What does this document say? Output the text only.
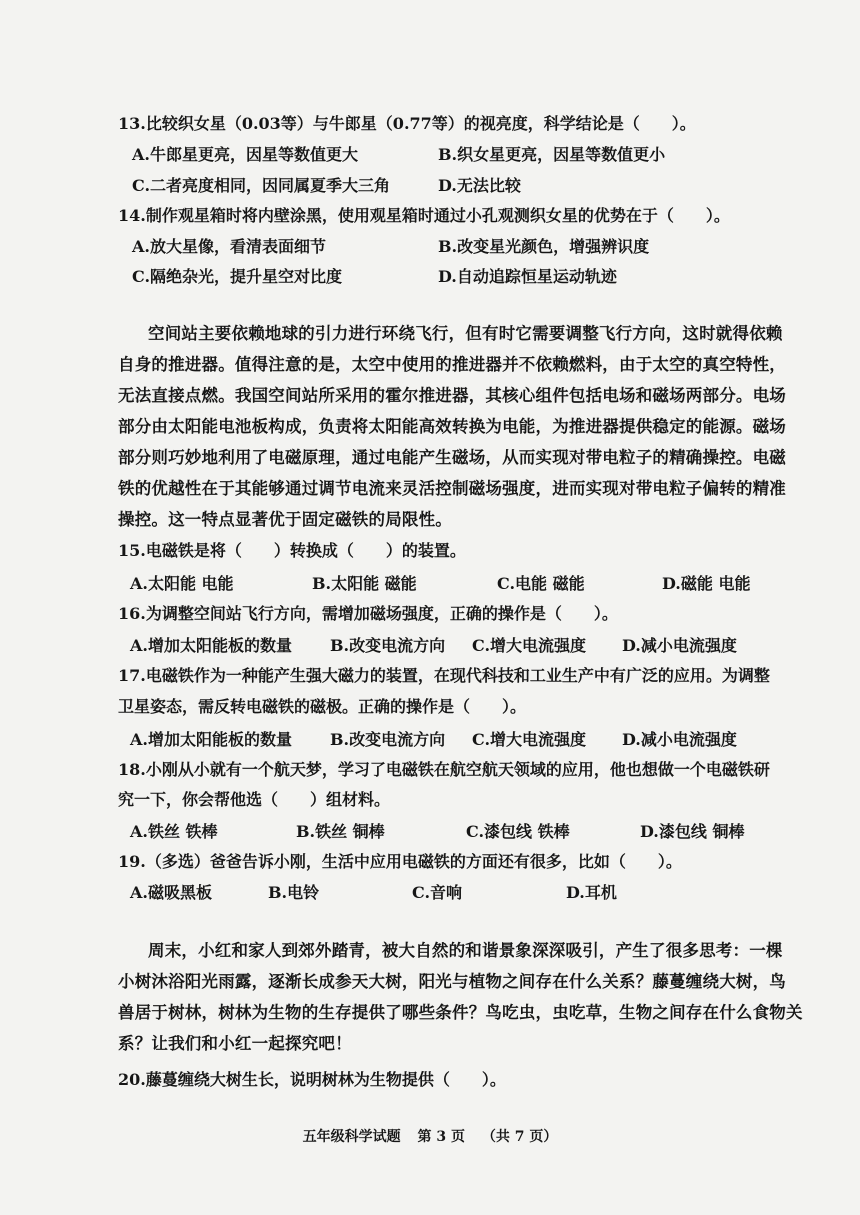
13.比较织女星（0.03等）与牛郎星（0.77等）的视亮度，科学结论是（　　）。
A.牛郎星更亮，因星等数值更大	B.织女星更亮，因星等数值更小
C.二者亮度相同，因同属夏季大三角	D.无法比较
14.制作观星箱时将内壁涂黑，使用观星箱时通过小孔观测织女星的优势在于（　　）。
A.放大星像，看清表面细节	B.改变星光颜色，增强辨识度
C.隔绝杂光，提升星空对比度	D.自动追踪恒星运动轨迹
空间站主要依赖地球的引力进行环绕飞行，但有时它需要调整飞行方向，这时就得依赖
自身的推进器。值得注意的是，太空中使用的推进器并不依赖燃料，由于太空的真空特性，
无法直接点燃。我国空间站所采用的霍尔推进器，其核心组件包括电场和磁场两部分。电场
部分由太阳能电池板构成，负责将太阳能高效转换为电能，为推进器提供稳定的能源。磁场
部分则巧妙地利用了电磁原理，通过电能产生磁场，从而实现对带电粒子的精确操控。电磁
铁的优越性在于其能够通过调节电流来灵活控制磁场强度，进而实现对带电粒子偏转的精准
操控。这一特点显著优于固定磁铁的局限性。
15.电磁铁是将（　　）转换成（　　）的装置。
A.太阳能 电能	B.太阳能 磁能	C.电能 磁能	D.磁能 电能
16.为调整空间站飞行方向，需增加磁场强度，正确的操作是（　　）。
A.增加太阳能板的数量 B.改变电流方向 C.增大电流强度 D.减小电流强度
17.电磁铁作为一种能产生强大磁力的装置，在现代科技和工业生产中有广泛的应用。为调整
卫星姿态，需反转电磁铁的磁极。正确的操作是（　　）。
A.增加太阳能板的数量 B.改变电流方向 C.增大电流强度 D.减小电流强度
18.小刚从小就有一个航天梦，学习了电磁铁在航空航天领域的应用，他也想做一个电磁铁研
究一下，你会帮他选（　　）组材料。
A.铁丝 铁棒	B.铁丝 铜棒	C.漆包线 铁棒	D.漆包线 铜棒
19.（多选）爸爸告诉小刚，生活中应用电磁铁的方面还有很多，比如（　　）。
A.磁吸黑板	B.电铃	C.音响	D.耳机
周末，小红和家人到郊外踏青，被大自然的和谐景象深深吸引，产生了很多思考：一棵
小树沐浴阳光雨露，逐渐长成参天大树，阳光与植物之间存在什么关系？藤蔓缠绕大树，鸟
兽居于树林，树林为生物的生存提供了哪些条件？鸟吃虫，虫吃草，生物之间存在什么食物关
系？让我们和小红一起探究吧！
20.藤蔓缠绕大树生长，说明树林为生物提供（　　）。
五年级科学试题 第 3 页 （共 7 页）
